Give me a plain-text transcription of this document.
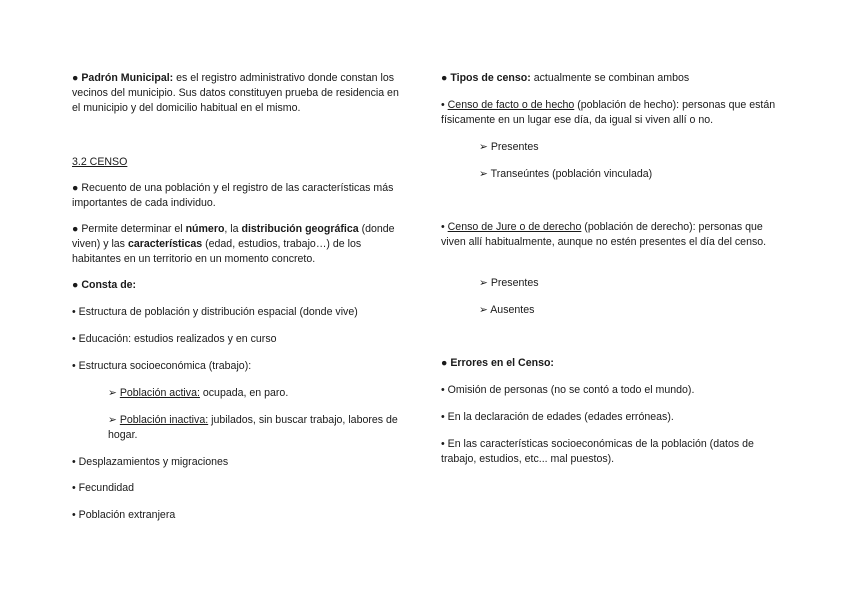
● Padrón Municipal: es el registro administrativo donde constan los vecinos del municipio. Sus datos constituyen prueba de residencia en el municipio y del domicilio habitual en el mismo.

3.2 CENSO

● Recuento de una población y el registro de las características más importantes de cada individuo.

● Permite determinar el número, la distribución geográfica (donde viven) y las características (edad, estudios, trabajo…) de los habitantes en un territorio en un momento concreto.

● Consta de:

• Estructura de población y distribución espacial (donde vive)

• Educación: estudios realizados y en curso

• Estructura socioeconómica (trabajo):

➢ Población activa: ocupada, en paro.

➢ Población inactiva: jubilados, sin buscar trabajo, labores de hogar.

• Desplazamientos y migraciones

• Fecundidad

• Población extranjera

● Tipos de censo: actualmente se combinan ambos

• Censo de facto o de hecho (población de hecho): personas que están físicamente en un lugar ese día, da igual si viven allí o no.

➢ Presentes

➢ Transeúntes (población vinculada)

• Censo de Jure o de derecho (población de derecho): personas que viven allí habitualmente, aunque no estén presentes el día del censo.

➢ Presentes

➢ Ausentes

● Errores en el Censo:

• Omisión de personas (no se contó a todo el mundo).

• En la declaración de edades (edades erróneas).

• En las características socioeconómicas de la población (datos de trabajo, estudios, etc... mal puestos).
